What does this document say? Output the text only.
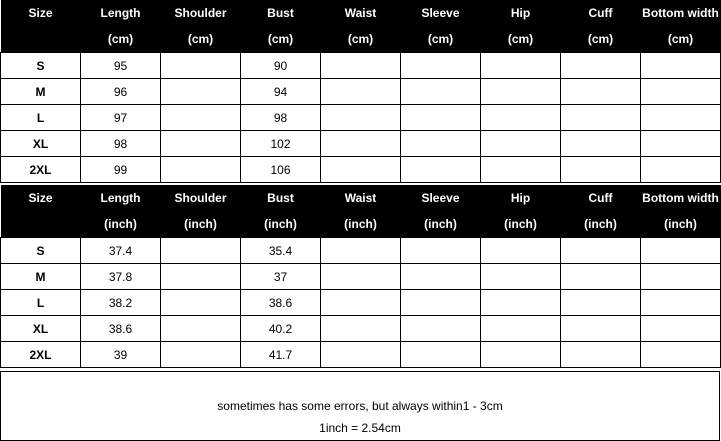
Size	Length	Shoulder	Bust	Waist	Sleeve	Hip	Cuff	Bottom width
	(cm)	(cm)	(cm)	(cm)	(cm)	(cm)	(cm)	(cm)
S	95		90					
M	96		94					
L	97		98					
XL	98		102					
2XL	99		106					
Size	Length	Shoulder	Bust	Waist	Sleeve	Hip	Cuff	Bottom width
	(inch)	(inch)	(inch)	(inch)	(inch)	(inch)	(inch)	(inch)
S	37.4		35.4					
M	37.8		37					
L	38.2		38.6					
XL	38.6		40.2					
2XL	39		41.7					
sometimes has some errors, but always within1 - 3cm
1inch = 2.54cm
